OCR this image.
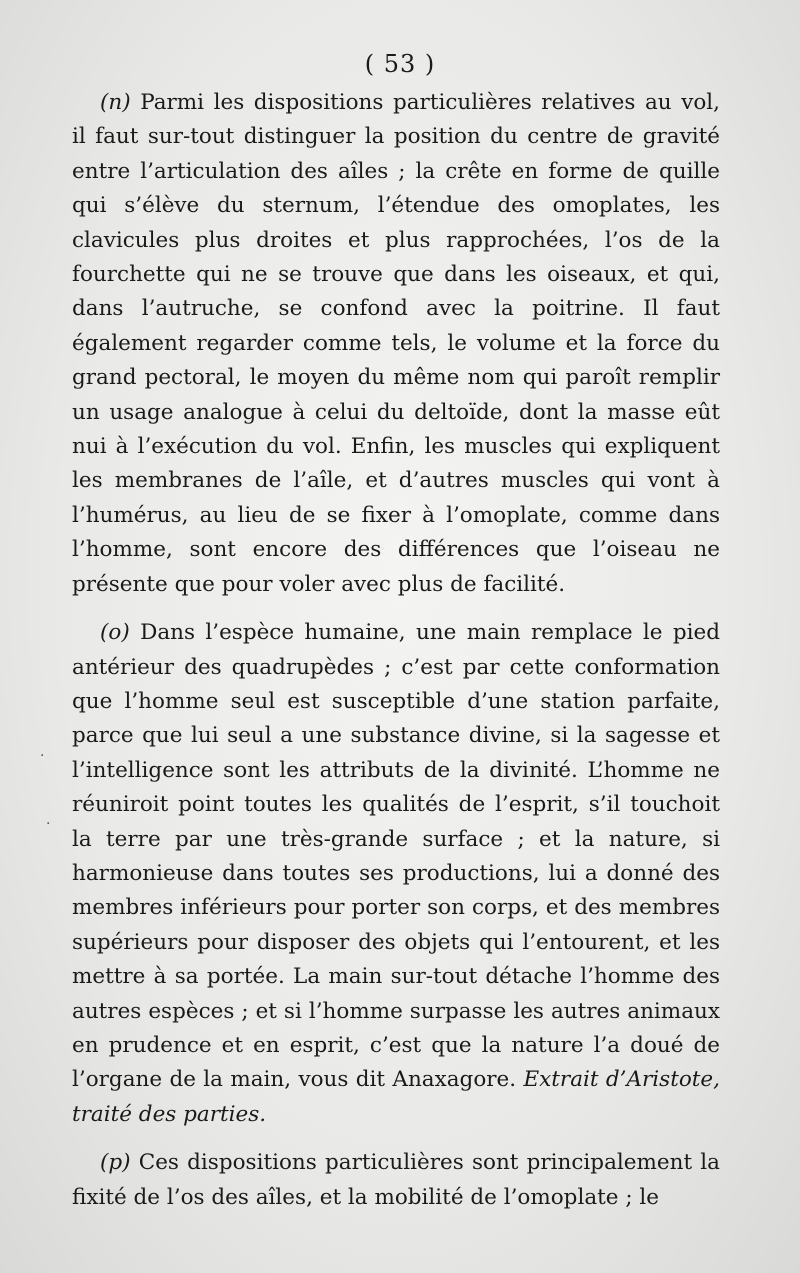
( 53 )

(n) Parmi les dispositions particulières relatives au vol, il faut sur-tout distinguer la position du centre de gravité entre l’articulation des aîles ; la crête en forme de quille qui s’élève du sternum, l’étendue des omoplates, les clavicules plus droites et plus rapprochées, l’os de la fourchette qui ne se trouve que dans les oiseaux, et qui, dans l’autruche, se confond avec la poitrine. Il faut également regarder comme tels, le volume et la force du grand pectoral, le moyen du même nom qui paroît remplir un usage analogue à celui du deltoïde, dont la masse eût nui à l’exécution du vol. Enfin, les muscles qui expliquent les membranes de l’aîle, et d’autres muscles qui vont à l’humérus, au lieu de se fixer à l’omoplate, comme dans l’homme, sont encore des différences que l’oiseau ne présente que pour voler avec plus de facilité.

(o) Dans l’espèce humaine, une main remplace le pied antérieur des quadrupèdes ; c’est par cette conformation que l’homme seul est susceptible d’une station parfaite, parce que lui seul a une substance divine, si la sagesse et l’intelligence sont les attributs de la divinité. L’homme ne réuniroit point toutes les qualités de l’esprit, s’il touchoit la terre par une très-grande surface ; et la nature, si harmonieuse dans toutes ses productions, lui a donné des membres inférieurs pour porter son corps, et des membres supérieurs pour disposer des objets qui l’entourent, et les mettre à sa portée. La main sur-tout détache l’homme des autres espèces ; et si l’homme surpasse les autres animaux en prudence et en esprit, c’est que la nature l’a doué de l’organe de la main, vous dit Anaxagore. Extrait d’Aristote, traité des parties.

(p) Ces dispositions particulières sont principalement la fixité de l’os des aîles, et la mobilité de l’omoplate ; le

·
·
